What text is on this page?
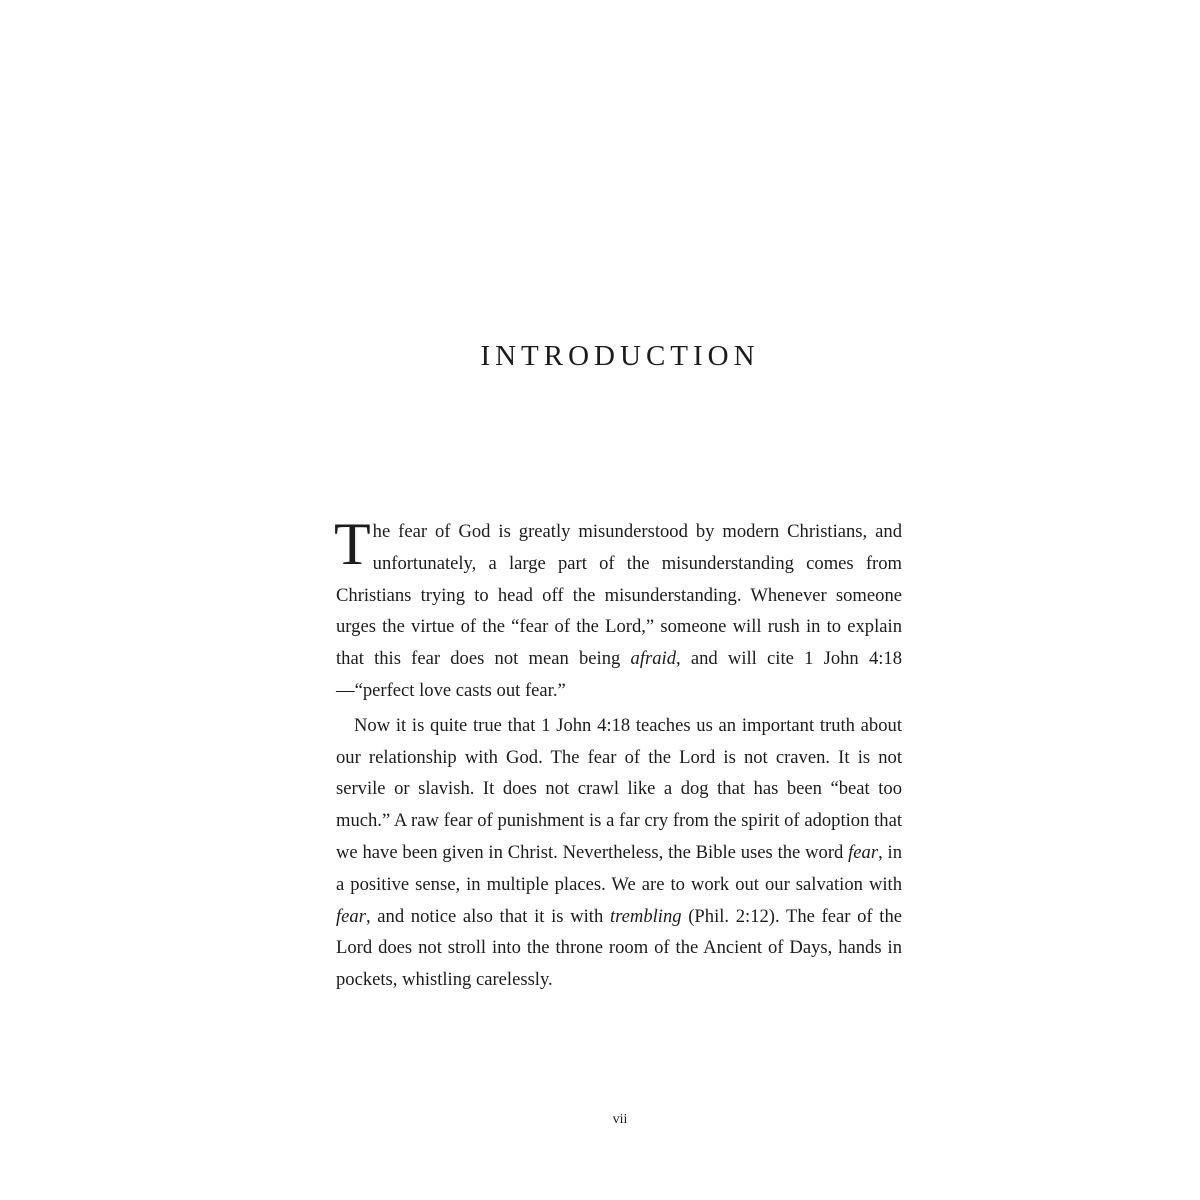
INTRODUCTION

The fear of God is greatly misunderstood by modern Christians, and unfortunately, a large part of the misunderstanding comes from Christians trying to head off the misunderstanding. Whenever someone urges the virtue of the “fear of the Lord,” someone will rush in to explain that this fear does not mean being afraid, and will cite 1 John 4:18—“perfect love casts out fear.”

Now it is quite true that 1 John 4:18 teaches us an important truth about our relationship with God. The fear of the Lord is not craven. It is not servile or slavish. It does not crawl like a dog that has been “beat too much.” A raw fear of punishment is a far cry from the spirit of adoption that we have been given in Christ. Nevertheless, the Bible uses the word fear, in a positive sense, in multiple places. We are to work out our salvation with fear, and notice also that it is with trembling (Phil. 2:12). The fear of the Lord does not stroll into the throne room of the Ancient of Days, hands in pockets, whistling carelessly.

vii
